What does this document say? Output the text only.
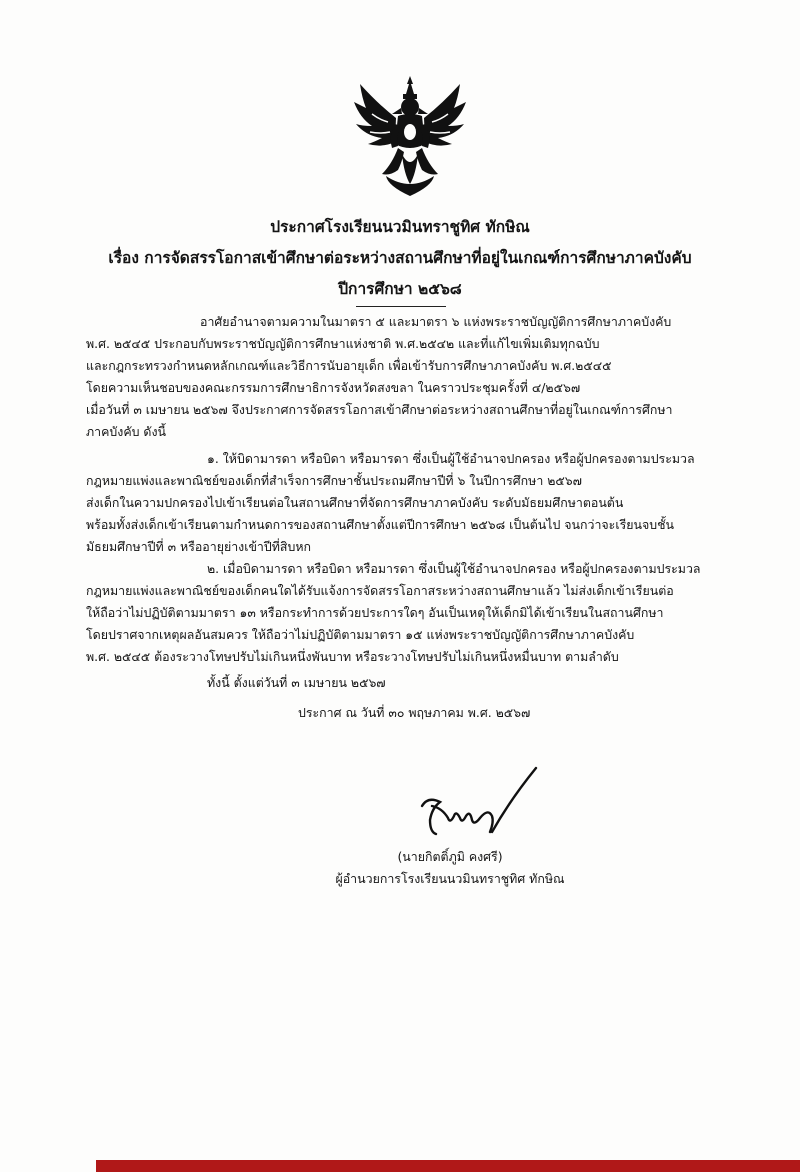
ประกาศโรงเรียนนวมินทราชูทิศ ทักษิณ
เรื่อง การจัดสรรโอกาสเข้าศึกษาต่อระหว่างสถานศึกษาที่อยู่ในเกณฑ์การศึกษาภาคบังคับ
ปีการศึกษา ๒๕๖๘
อาศัยอำนาจตามความในมาตรา ๕ และมาตรา ๖ แห่งพระราชบัญญัติการศึกษาภาคบังคับ
พ.ศ. ๒๕๔๕ ประกอบกับพระราชบัญญัติการศึกษาแห่งชาติ พ.ศ.๒๕๔๒ และที่แก้ไขเพิ่มเติมทุกฉบับ
และกฎกระทรวงกำหนดหลักเกณฑ์และวิธีการนับอายุเด็ก เพื่อเข้ารับการศึกษาภาคบังคับ พ.ศ.๒๕๔๕
โดยความเห็นชอบของคณะกรรมการศึกษาธิการจังหวัดสงขลา ในคราวประชุมครั้งที่ ๔/๒๕๖๗
เมื่อวันที่ ๓ เมษายน ๒๕๖๗ จึงประกาศการจัดสรรโอกาสเข้าศึกษาต่อระหว่างสถานศึกษาที่อยู่ในเกณฑ์การศึกษา
ภาคบังคับ ดังนี้
๑. ให้บิดามารดา หรือบิดา หรือมารดา ซึ่งเป็นผู้ใช้อำนาจปกครอง หรือผู้ปกครองตามประมวล
กฎหมายแพ่งและพาณิชย์ของเด็กที่สำเร็จการศึกษาชั้นประถมศึกษาปีที่ ๖ ในปีการศึกษา ๒๕๖๗
ส่งเด็กในความปกครองไปเข้าเรียนต่อในสถานศึกษาที่จัดการศึกษาภาคบังคับ ระดับมัธยมศึกษาตอนต้น
พร้อมทั้งส่งเด็กเข้าเรียนตามกำหนดการของสถานศึกษาตั้งแต่ปีการศึกษา ๒๕๖๘ เป็นต้นไป จนกว่าจะเรียนจบชั้น
มัธยมศึกษาปีที่ ๓ หรืออายุย่างเข้าปีที่สิบหก
๒. เมื่อบิดามารดา หรือบิดา หรือมารดา ซึ่งเป็นผู้ใช้อำนาจปกครอง หรือผู้ปกครองตามประมวล
กฎหมายแพ่งและพาณิชย์ของเด็กคนใดได้รับแจ้งการจัดสรรโอกาสระหว่างสถานศึกษาแล้ว ไม่ส่งเด็กเข้าเรียนต่อ
ให้ถือว่าไม่ปฏิบัติตามมาตรา ๑๓ หรือกระทำการด้วยประการใดๆ อันเป็นเหตุให้เด็กมิได้เข้าเรียนในสถานศึกษา
โดยปราศจากเหตุผลอันสมควร ให้ถือว่าไม่ปฏิบัติตามมาตรา ๑๕ แห่งพระราชบัญญัติการศึกษาภาคบังคับ
พ.ศ. ๒๕๔๕ ต้องระวางโทษปรับไม่เกินหนึ่งพันบาท หรือระวางโทษปรับไม่เกินหนึ่งหมื่นบาท ตามลำดับ
ทั้งนี้ ตั้งแต่วันที่ ๓ เมษายน ๒๕๖๗
ประกาศ ณ วันที่ ๓๐ พฤษภาคม พ.ศ. ๒๕๖๗
(นายกิตติ์ภูมิ คงศรี)
ผู้อำนวยการโรงเรียนนวมินทราชูทิศ ทักษิณ
